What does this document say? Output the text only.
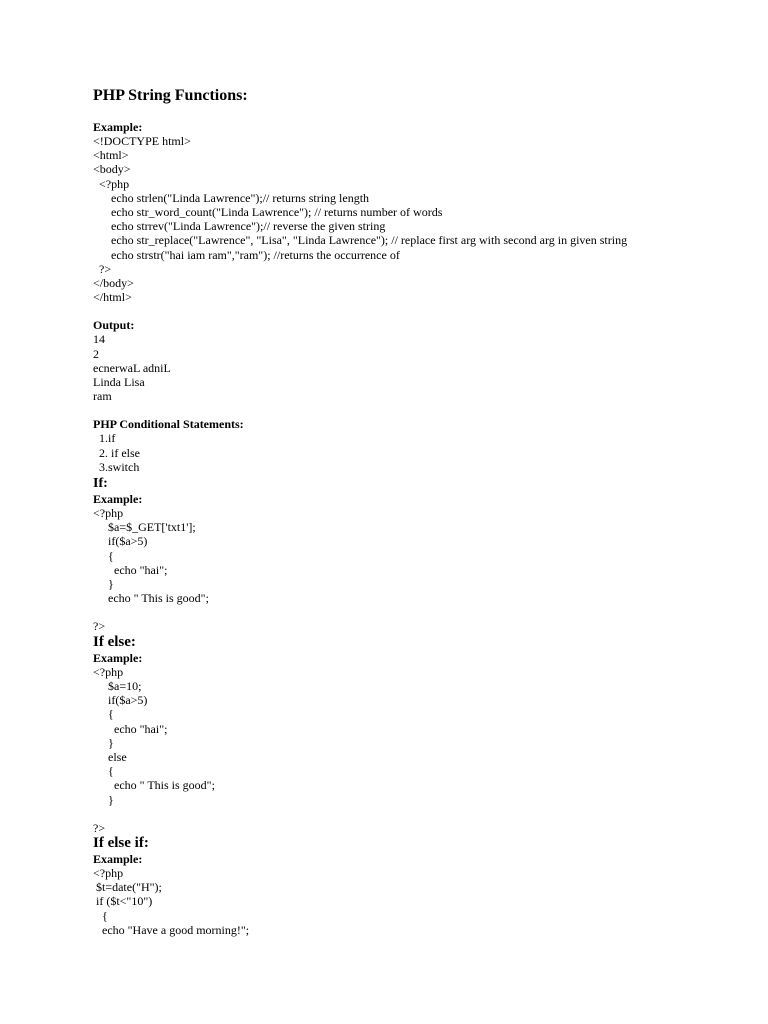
PHP String Functions:
Example:
<!DOCTYPE html>
<html>
<body>
<?php
echo strlen("Linda Lawrence");// returns string length
echo str_word_count("Linda Lawrence"); // returns number of words
echo strrev("Linda Lawrence");// reverse the given string
echo str_replace("Lawrence", "Lisa", "Linda Lawrence"); // replace first arg with second arg in given string
echo strstr("hai iam ram","ram"); //returns the occurrence of
?>
</body>
</html>
Output:
14
2
ecnerwaL adniL
Linda Lisa
ram
PHP Conditional Statements:
1.if
2. if else
3.switch
If:
Example:
<?php
$a=$_GET['txt1'];
if($a>5)
{
echo "hai";
}
echo " This is good";
?>
If else:
Example:
<?php
$a=10;
if($a>5)
{
echo "hai";
}
else
{
echo " This is good";
}
?>
If else if:
Example:
<?php
$t=date("H");
if ($t<"10")
{
echo "Have a good morning!";
